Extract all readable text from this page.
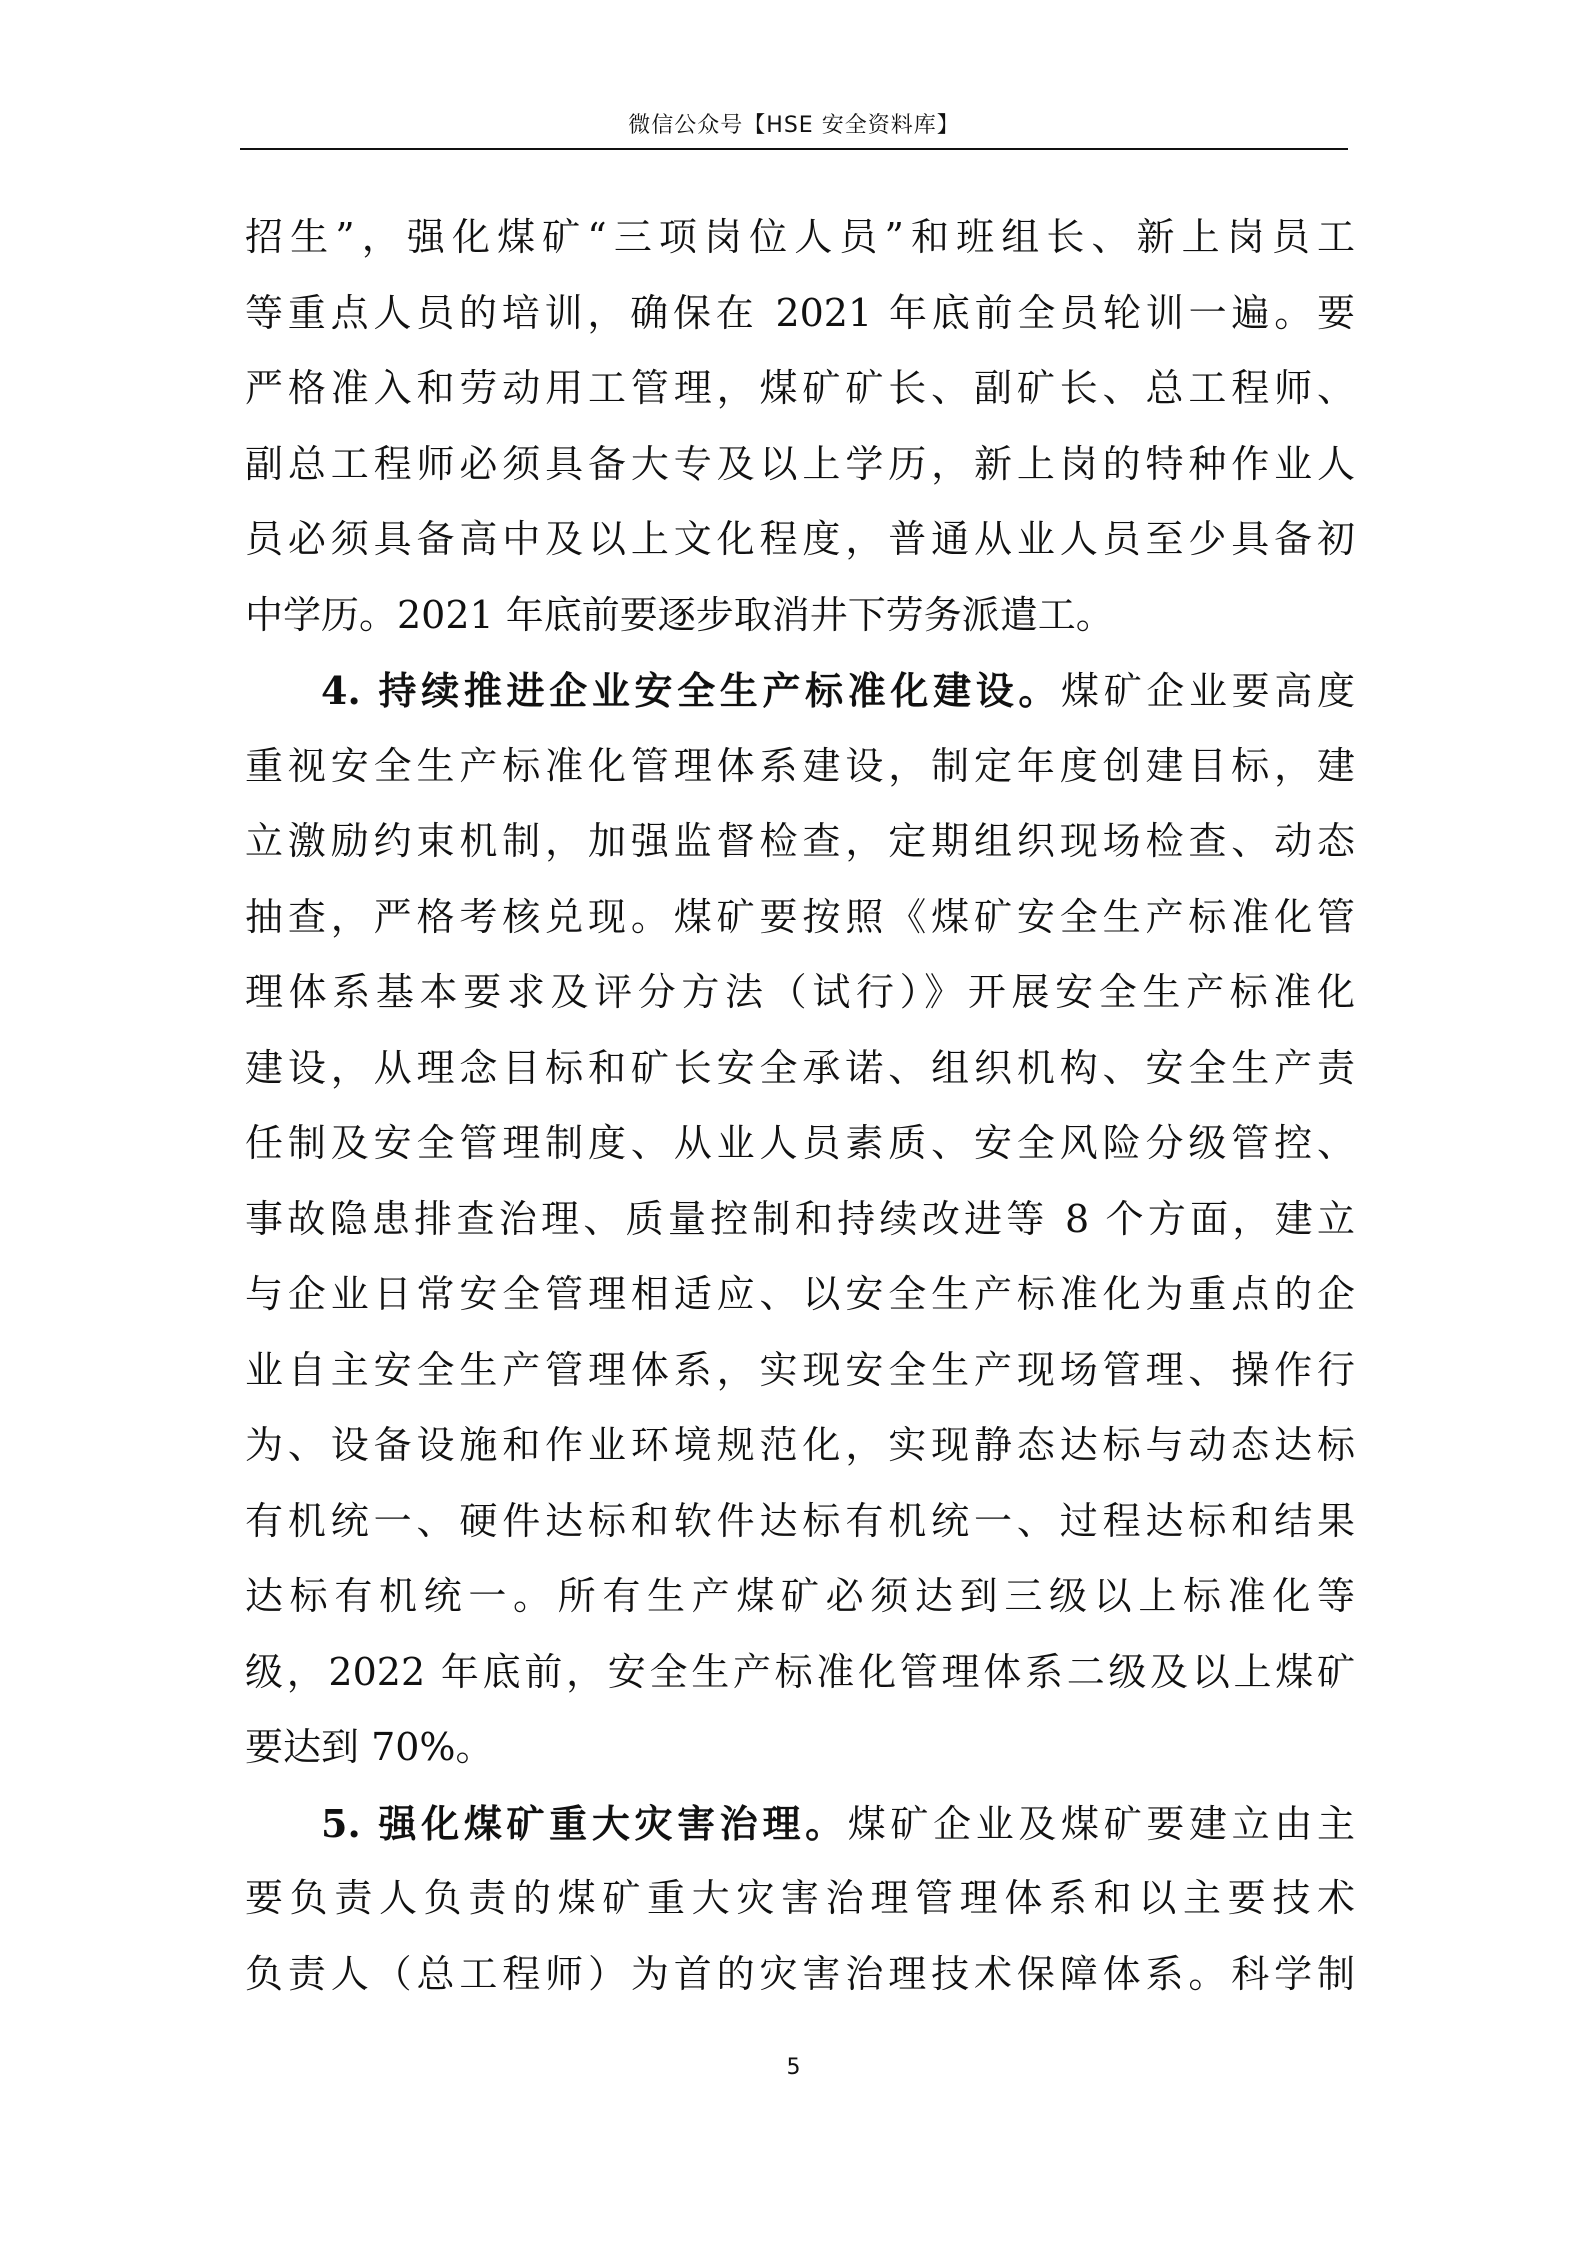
微信公众号【HSE 安全资料库】
招生”，强化煤矿“三项岗位人员”和班组长、新上岗员工
等重点人员的培训，确保在 2021 年底前全员轮训一遍。要
严格准入和劳动用工管理，煤矿矿长、副矿长、总工程师、
副总工程师必须具备大专及以上学历，新上岗的特种作业人
员必须具备高中及以上文化程度，普通从业人员至少具备初
中学历。2021 年底前要逐步取消井下劳务派遣工。
4. 持续推进企业安全生产标准化建设。煤矿企业要高度
重视安全生产标准化管理体系建设，制定年度创建目标，建
立激励约束机制，加强监督检查，定期组织现场检查、动态
抽查，严格考核兑现。煤矿要按照《煤矿安全生产标准化管
理体系基本要求及评分方法（试行）》开展安全生产标准化
建设，从理念目标和矿长安全承诺、组织机构、安全生产责
任制及安全管理制度、从业人员素质、安全风险分级管控、
事故隐患排查治理、质量控制和持续改进等 8 个方面，建立
与企业日常安全管理相适应、以安全生产标准化为重点的企
业自主安全生产管理体系，实现安全生产现场管理、操作行
为、设备设施和作业环境规范化，实现静态达标与动态达标
有机统一、硬件达标和软件达标有机统一、过程达标和结果
达标有机统一。所有生产煤矿必须达到三级以上标准化等
级，2022 年底前，安全生产标准化管理体系二级及以上煤矿
要达到 70%。
5. 强化煤矿重大灾害治理。煤矿企业及煤矿要建立由主
要负责人负责的煤矿重大灾害治理管理体系和以主要技术
负责人（总工程师）为首的灾害治理技术保障体系。科学制
5
